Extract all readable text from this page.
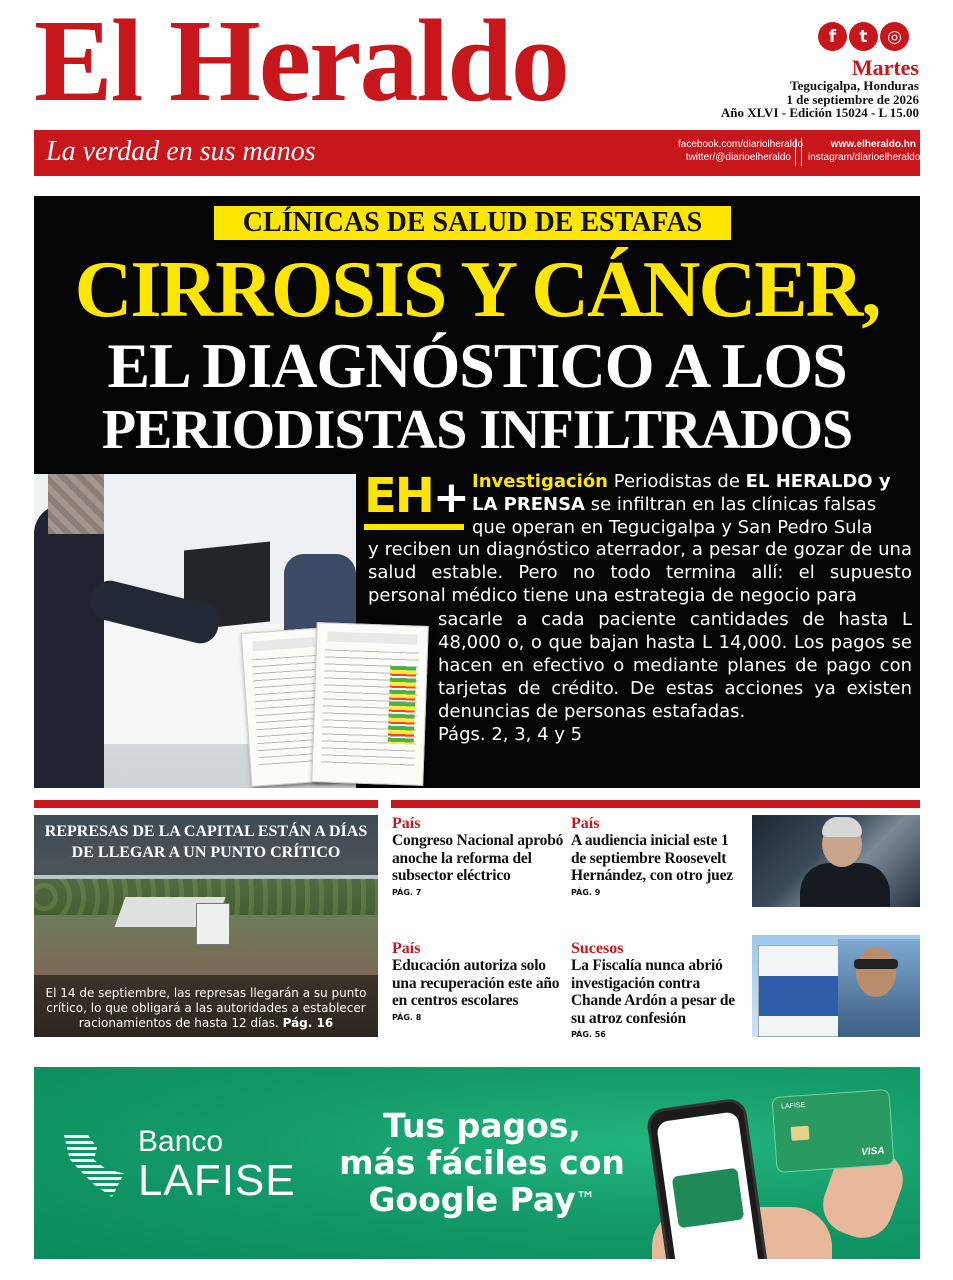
El Heraldo	f	t	◎
Martes
Tegucigalpa, Honduras
1 de septiembre de 2026
Año XLVI - Edición 15024 - L 15.00
La verdad en sus manos	facebook.com/diariolheraldo
twitter/@diarioelheraldo
www.elheraldo.hn
instagram/diarioelheraldo
CLÍNICAS DE SALUD DE ESTAFAS
CIRROSIS Y CÁNCER,
EL DIAGNÓSTICO A LOS
PERIODISTAS INFILTRADOS
EH+ Investigación Periodistas de EL HERALDO y LA PRENSA se infiltran en las clínicas falsas que operan en Tegucigalpa y San Pedro Sula
y reciben un diagnóstico aterrador, a pesar de gozar de una salud estable. Pero no todo termina allí: el supuesto personal médico tiene una estrategia de negocio para
sacarle a cada paciente cantidades de hasta L 48,000 o, o que bajan hasta L 14,000. Los pagos se hacen en efectivo o mediante planes de pago con tarjetas de crédito. De estas acciones ya existen denuncias de personas estafadas.
Págs. 2, 3, 4 y 5
REPRESAS DE LA CAPITAL ESTÁN A DÍAS DE LLEGAR A UN PUNTO CRÍTICO
El 14 de septiembre, las represas llegarán a su punto crítico, lo que obligará a las autoridades a establecer racionamientos de hasta 12 días. Pág. 16
País
Congreso Nacional aprobó anoche la reforma del subsector eléctrico
PÁG. 7
País
A audiencia inicial este 1 de septiembre Roosevelt Hernández, con otro juez
PÁG. 9
País
Educación autoriza solo una recuperación este año en centros escolares
PÁG. 8
Sucesos
La Fiscalía nunca abrió investigación contra Chande Ardón a pesar de su atroz confesión
PÁG. 56
Banco
LAFISE
Tus pagos,
más fáciles con
Google Pay™
LAFISE
VISA
